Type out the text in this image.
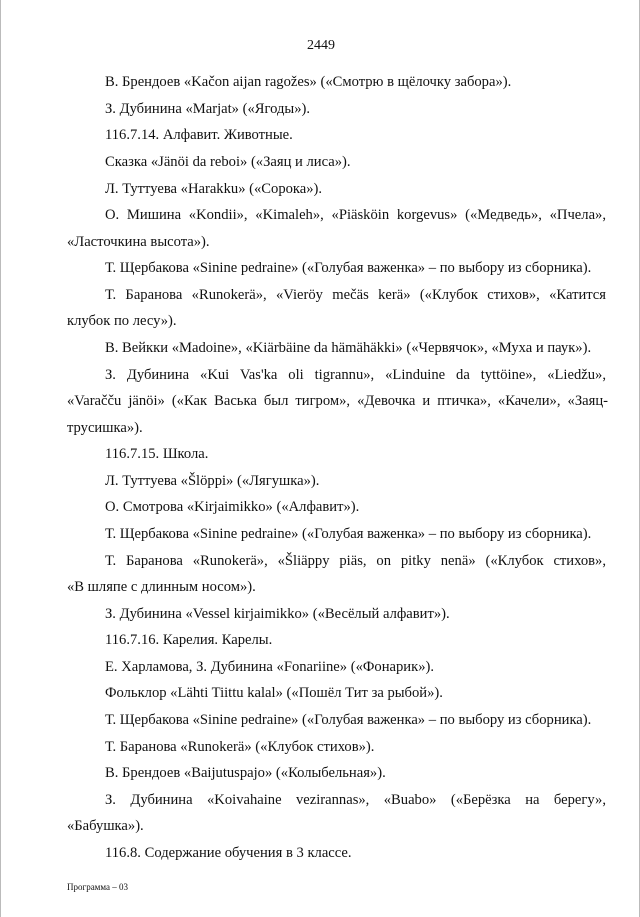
2449
В. Брендоев «Kačon aijan ragožes» («Смотрю в щёлочку забора»).
З. Дубинина «Marjat» («Ягоды»).
116.7.14. Алфавит. Животные.
Сказка «Jänöi da reboi» («Заяц и лиса»).
Л. Туттуева «Harakku» («Сорока»).
О. Мишина «Kondii», «Kimaleh», «Piäsköin korgevus» («Медведь», «Пчела»,
«Ласточкина высота»).
Т. Щербакова «Sinine pedraine» («Голубая важенка» – по выбору из сборника).
Т. Баранова «Runokerä», «Vieröy mečäs kerä» («Клубок стихов», «Катится
клубок по лесу»).
В. Вейкки «Madoine», «Kiärbäine da hämähäkki» («Червячок», «Муха и паук»).
З. Дубинина «Kui Vas'ka oli tigrannu», «Linduine da tyttöine», «Liedžu»,
«Varačču jänöi» («Как Васька был тигром», «Девочка и птичка», «Качели», «Заяц-
трусишка»).
116.7.15. Школа.
Л. Туттуева «Šlöppi» («Лягушка»).
О. Смотрова «Kirjaimikko» («Алфавит»).
Т. Щербакова «Sinine pedraine» («Голубая важенка» – по выбору из сборника).
Т. Баранова «Runokerä», «Šliäppy piäs, on pitky nenä» («Клубок стихов»,
«В шляпе с длинным носом»).
З. Дубинина «Vessel kirjaimikko» («Весёлый алфавит»).
116.7.16. Карелия. Карелы.
Е. Харламова, З. Дубинина «Fonariine» («Фонарик»).
Фольклор «Lähti Tiittu kalal» («Пошёл Тит за рыбой»).
Т. Щербакова «Sinine pedraine» («Голубая важенка» – по выбору из сборника).
Т. Баранова «Runokerä» («Клубок стихов»).
В. Брендоев «Baijutuspajo» («Колыбельная»).
З. Дубинина «Koivahaine vezirannas», «Buabo» («Берёзка на берегу»,
«Бабушка»).
116.8. Содержание обучения в 3 классе.
Программа – 03
